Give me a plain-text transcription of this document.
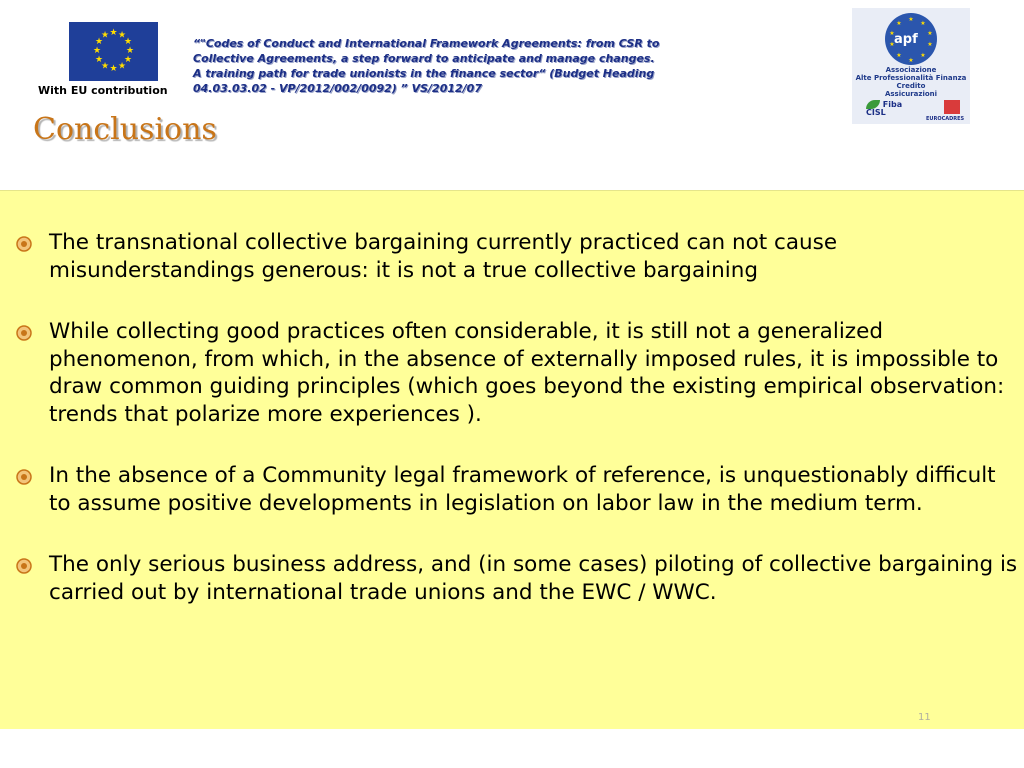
★ ★
★
★
★
★
★
★
★
★
★
★
With EU contribution
“"Codes of Conduct and International Framework Agreements: from CSR to
Collective Agreements, a step forward to anticipate and manage changes.
A training path for trade unionists in the finance sector“ (Budget Heading
04.03.03.02 - VP/2012/002/0092) ” VS/2012/07
Conclusions
★
★
★
★
★
★
★
★
★
★
apf
Associazione
Alte Professionalità Finanza
Credito
Assicurazioni
Fiba
CISL
EUROCADRES
The transnational collective bargaining currently practiced can not cause misunderstandings generous: it is not a true collective bargaining
While collecting good practices often considerable, it is still not a generalized phenomenon, from which, in the absence of externally imposed rules, it is impossible to draw common guiding principles (which goes beyond the existing empirical observation: trends that polarize more experiences ).
In the absence of a Community legal framework of reference, is unquestionably difficult to assume positive developments in legislation on labor law in the medium term.
The only serious business address, and (in some cases) piloting of collective bargaining is carried out by international trade unions and the EWC / WWC.
11
